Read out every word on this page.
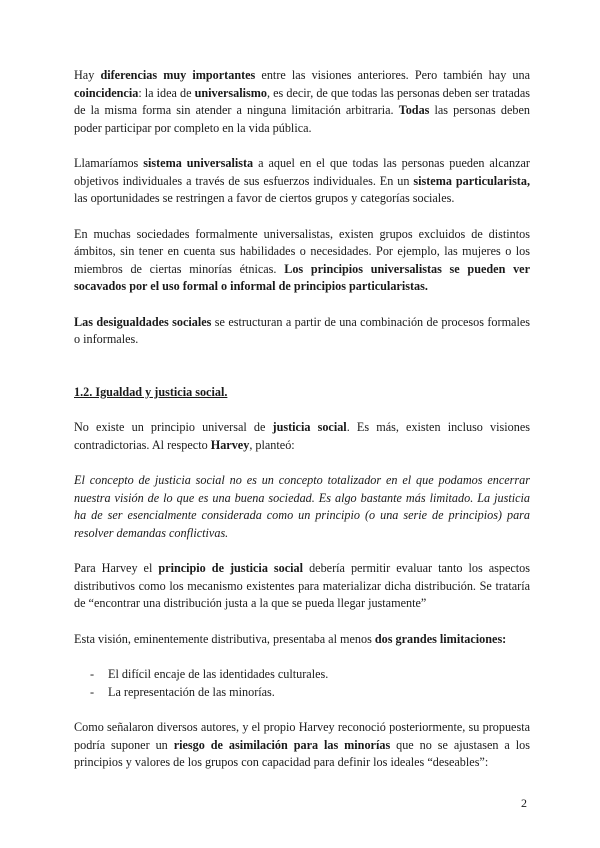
Hay diferencias muy importantes entre las visiones anteriores. Pero también hay una coincidencia: la idea de universalismo, es decir, de que todas las personas deben ser tratadas de la misma forma sin atender a ninguna limitación arbitraria. Todas las personas deben poder participar por completo en la vida pública.

Llamaríamos sistema universalista a aquel en el que todas las personas pueden alcanzar objetivos individuales a través de sus esfuerzos individuales. En un sistema particularista, las oportunidades se restringen a favor de ciertos grupos y categorías sociales.

En muchas sociedades formalmente universalistas, existen grupos excluidos de distintos ámbitos, sin tener en cuenta sus habilidades o necesidades. Por ejemplo, las mujeres o los miembros de ciertas minorías étnicas. Los principios universalistas se pueden ver socavados por el uso formal o informal de principios particularistas.

Las desigualdades sociales se estructuran a partir de una combinación de procesos formales o informales.

1.2. Igualdad y justicia social.

No existe un principio universal de justicia social. Es más, existen incluso visiones contradictorias. Al respecto Harvey, planteó:

El concepto de justicia social no es un concepto totalizador en el que podamos encerrar nuestra visión de lo que es una buena sociedad. Es algo bastante más limitado. La justicia ha de ser esencialmente considerada como un principio (o una serie de principios) para resolver demandas conflictivas.

Para Harvey el principio de justicia social debería permitir evaluar tanto los aspectos distributivos como los mecanismo existentes para materializar dicha distribución. Se trataría de “encontrar una distribución justa a la que se pueda llegar justamente”

Esta visión, eminentemente distributiva, presentaba al menos dos grandes limitaciones:

- El difícil encaje de las identidades culturales.
- La representación de las minorías.

Como señalaron diversos autores, y el propio Harvey reconoció posteriormente, su propuesta podría suponer un riesgo de asimilación para las minorías que no se ajustasen a los principios y valores de los grupos con capacidad para definir los ideales “deseables”:

2
